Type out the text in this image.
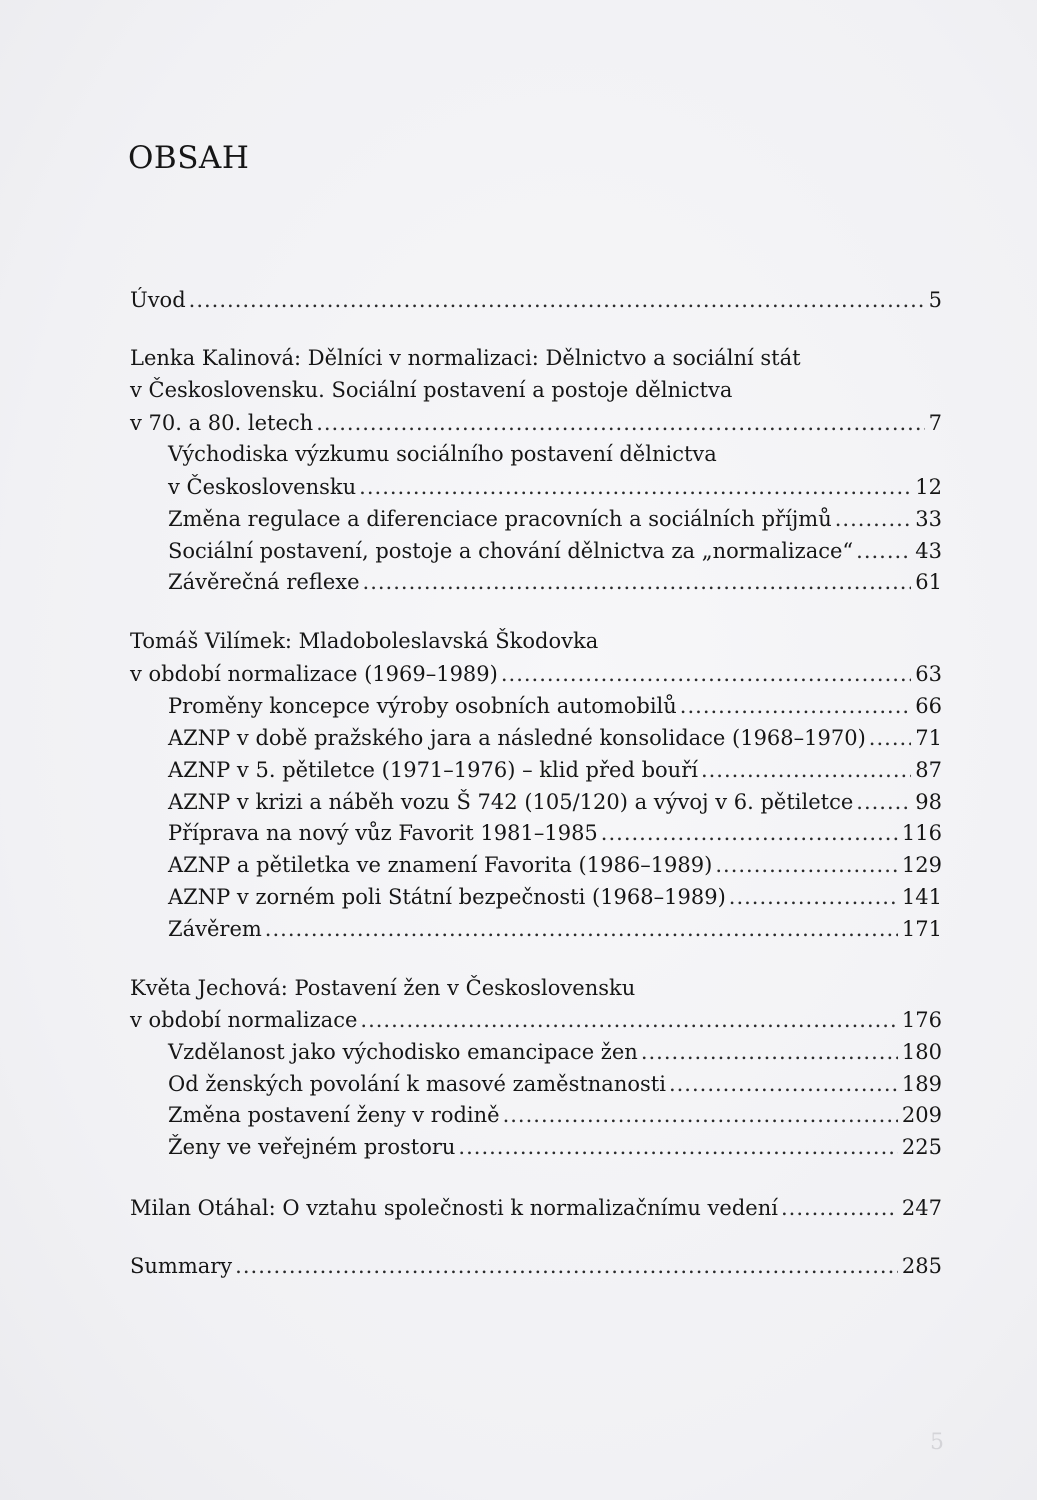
OBSAH
Úvod .....	5
Lenka Kalinová: Dělníci v normalizaci: Dělnictvo a sociální stát
v Československu. Sociální postavení a postoje dělnictva
v 70. a 80. letech .....	7
Východiska výzkumu sociálního postavení dělnictva
v Československu .....	12
Změna regulace a diferenciace pracovních a sociálních příjmů .....	33
Sociální postavení, postoje a chování dělnictva za „normalizace“ .....	43
Závěrečná reflexe .....	61
Tomáš Vilímek: Mladoboleslavská Škodovka
v období normalizace (1969–1989) .....	63
Proměny koncepce výroby osobních automobilů .....	66
AZNP v době pražského jara a následné konsolidace (1968–1970) ..... 71
AZNP v 5. pětiletce (1971–1976) – klid před bouří .....	87
AZNP v krizi a náběh vozu Š 742 (105/120) a vývoj v 6. pětiletce .....	98
Příprava na nový vůz Favorit 1981–1985 .....	116
AZNP a pětiletka ve znamení Favorita (1986–1989) .....	129
AZNP v zorném poli Státní bezpečnosti (1968–1989) .....	141
Závěrem .....	171
Květa Jechová: Postavení žen v Československu
v období normalizace .....	176
Vzdělanost jako východisko emancipace žen .....	180
Od ženských povolání k masové zaměstnanosti .....	189
Změna postavení ženy v rodině .....	209
Ženy ve veřejném prostoru .....	225
Milan Otáhal: O vztahu společnosti k normalizačnímu vedení .....	247
Summary .....	285
5
